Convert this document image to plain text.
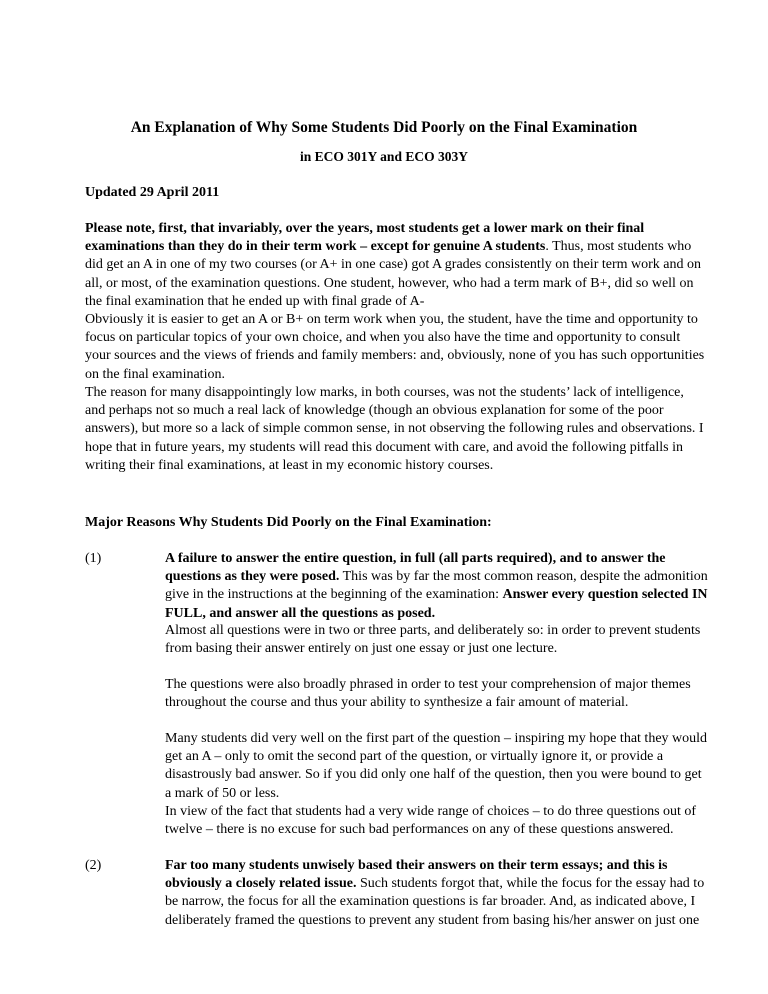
An Explanation of Why Some Students Did Poorly on the Final Examination
in ECO 301Y and ECO 303Y
Updated 29 April 2011

Please note, first, that invariably, over the years, most students get a lower mark on their final examinations than they do in their term work – except for genuine A students. Thus, most students who did get an A in one of my two courses (or A+ in one case) got A grades consistently on their term work and on all, or most, of the examination questions. One student, however, who had a term mark of B+, did so well on the final examination that he ended up with final grade of A-

Obviously it is easier to get an A or B+ on term work when you, the student, have the time and opportunity to focus on particular topics of your own choice, and when you also have the time and opportunity to consult your sources and the views of friends and family members: and, obviously, none of you has such opportunities on the final examination.

The reason for many disappointingly low marks, in both courses, was not the students’ lack of intelligence, and perhaps not so much a real lack of knowledge (though an obvious explanation for some of the poor answers), but more so a lack of simple common sense, in not observing the following rules and observations. I hope that in future years, my students will read this document with care, and avoid the following pitfalls in writing their final examinations, at least in my economic history courses.

Major Reasons Why Students Did Poorly on the Final Examination:
(1)	A failure to answer the entire question, in full (all parts required), and to answer the questions as they were posed. This was by far the most common reason, despite the admonition give in the instructions at the beginning of the examination: Answer every question selected IN FULL, and answer all the questions as posed.

Almost all questions were in two or three parts, and deliberately so: in order to prevent students from basing their answer entirely on just one essay or just one lecture.

The questions were also broadly phrased in order to test your comprehension of major themes throughout the course and thus your ability to synthesize a fair amount of material.

Many students did very well on the first part of the question – inspiring my hope that they would get an A – only to omit the second part of the question, or virtually ignore it, or provide a disastrously bad answer. So if you did only one half of the question, then you were bound to get a mark of 50 or less.

In view of the fact that students had a very wide range of choices – to do three questions out of twelve – there is no excuse for such bad performances on any of these questions answered.

(2)	Far too many students unwisely based their answers on their term essays; and this is obviously a closely related issue. Such students forgot that, while the focus for the essay had to be narrow, the focus for all the examination questions is far broader. And, as indicated above, I deliberately framed the questions to prevent any student from basing his/her answer on just one
